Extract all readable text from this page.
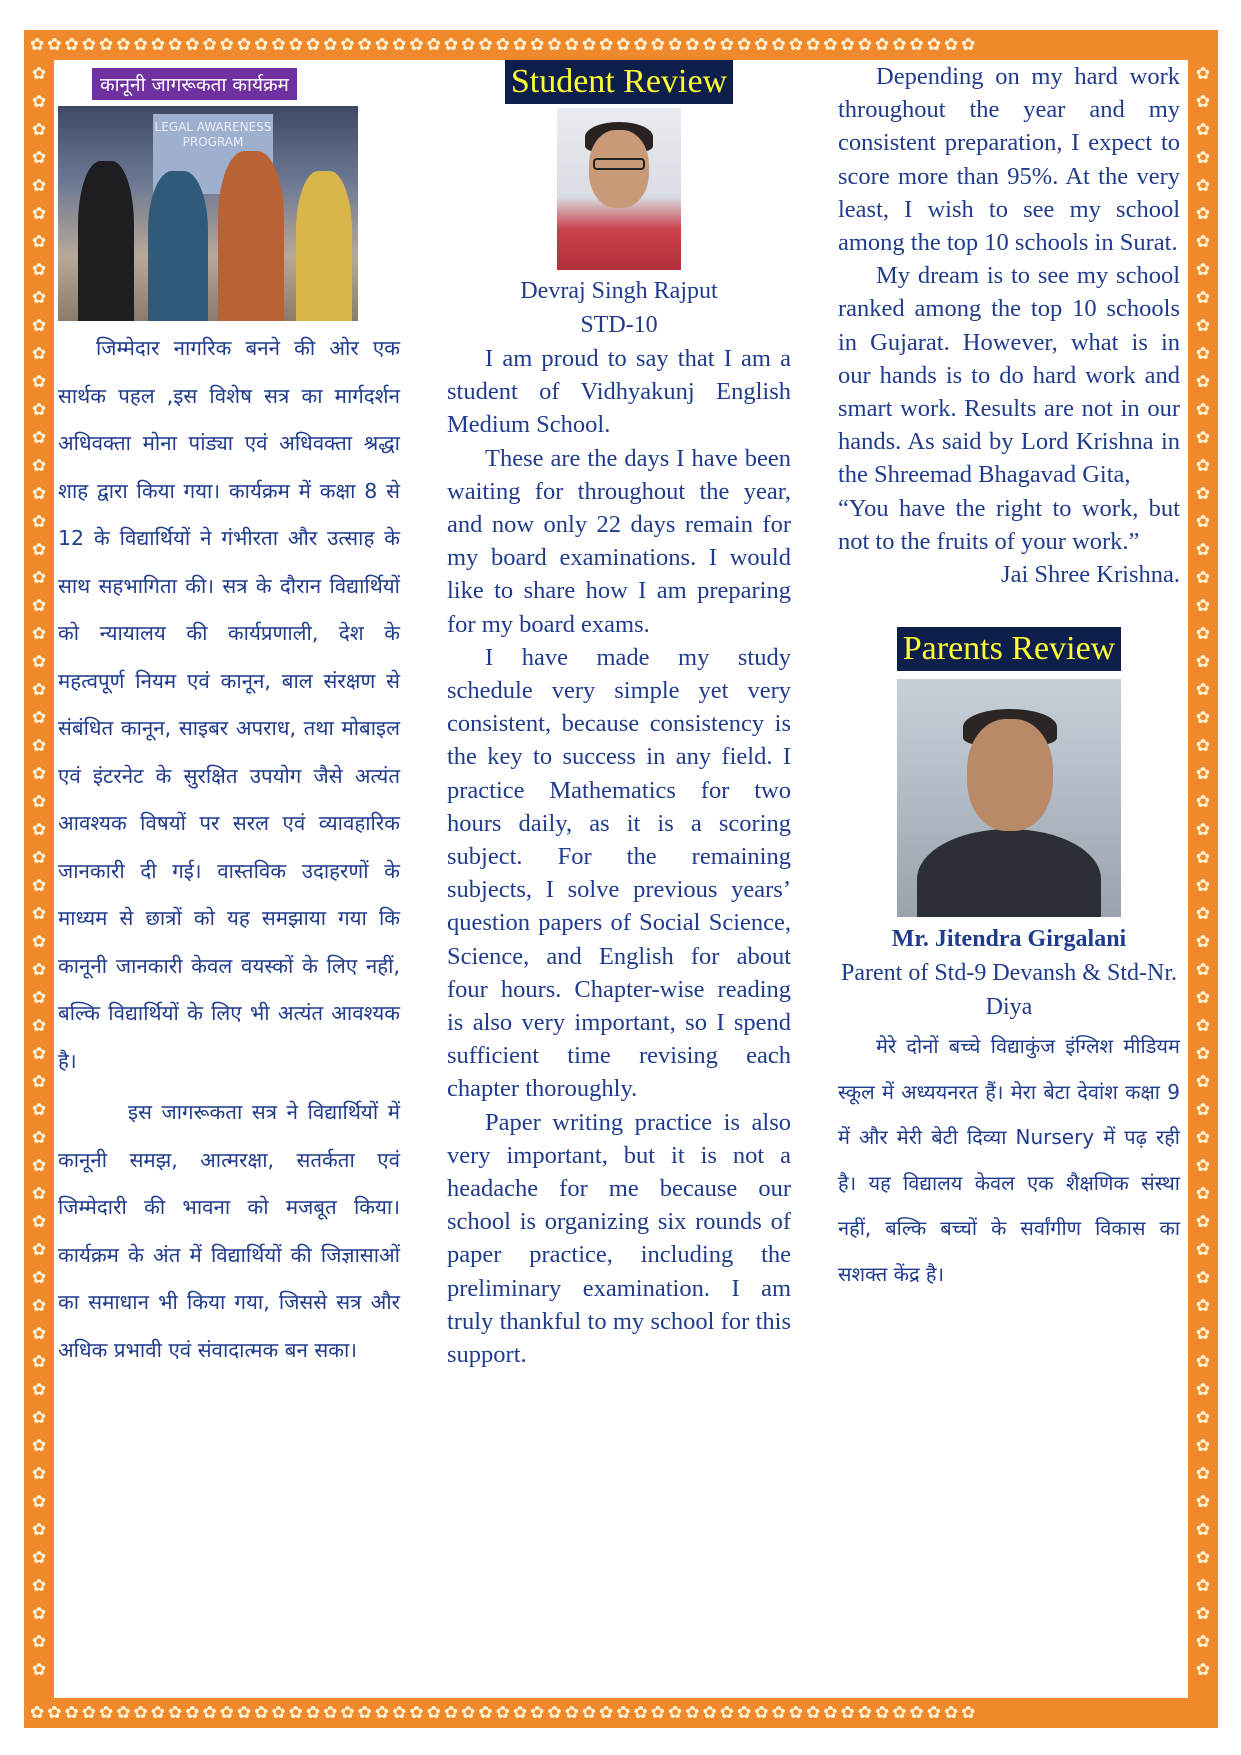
✿✿✿✿✿✿✿✿✿✿✿✿✿✿✿✿✿✿✿✿✿✿✿✿✿✿✿✿✿✿✿✿✿✿✿✿✿✿✿✿✿✿✿✿✿✿✿✿✿✿✿✿✿✿✿
✿✿✿✿✿✿✿✿✿✿✿✿✿✿✿✿✿✿✿✿✿✿✿✿✿✿✿✿✿✿✿✿✿✿✿✿✿✿✿✿✿✿✿✿✿✿✿✿✿✿✿✿✿✿✿
✿ ✿ ✿ ✿ ✿ ✿ ✿ ✿ ✿ ✿ ✿ ✿ ✿ ✿ ✿ ✿ ✿ ✿ ✿ ✿ ✿ ✿ ✿ ✿ ✿ ✿ ✿ ✿ ✿ ✿ ✿ ✿ ✿ ✿ ✿ ✿ ✿ ✿ ✿ ✿ ✿ ✿ ✿ ✿ ✿ ✿ ✿ ✿ ✿ ✿ ✿ ✿ ✿ ✿ ✿ ✿ ✿ ✿
✿ ✿ ✿ ✿ ✿ ✿ ✿ ✿ ✿ ✿ ✿ ✿ ✿ ✿ ✿ ✿ ✿ ✿ ✿ ✿ ✿ ✿ ✿ ✿ ✿ ✿ ✿ ✿ ✿ ✿ ✿ ✿ ✿ ✿ ✿ ✿ ✿ ✿ ✿ ✿ ✿ ✿ ✿ ✿ ✿ ✿ ✿ ✿ ✿ ✿ ✿ ✿ ✿ ✿ ✿ ✿ ✿ ✿
कानूनी जागरूकता कार्यक्रम
LEGAL AWARENESS PROGRAM

जिम्मेदार नागरिक बनने की ओर एक सार्थक पहल ,इस विशेष सत्र का मार्गदर्शन अधिवक्ता मोना पांड्या एवं अधिवक्ता श्रद्धा शाह द्वारा किया गया। कार्यक्रम में कक्षा 8 से 12 के विद्यार्थियों ने गंभीरता और उत्साह के साथ सहभागिता की। सत्र के दौरान विद्यार्थियों को न्यायालय की कार्यप्रणाली, देश के महत्वपूर्ण नियम एवं कानून, बाल संरक्षण से संबंधित कानून, साइबर अपराध, तथा मोबाइल एवं इंटरनेट के सुरक्षित उपयोग जैसे अत्यंत आवश्यक विषयों पर सरल एवं व्यावहारिक जानकारी दी गई। वास्तविक उदाहरणों के माध्यम से छात्रों को यह समझाया गया कि कानूनी जानकारी केवल वयस्कों के लिए नहीं, बल्कि विद्यार्थियों के लिए भी अत्यंत आवश्यक है।

इस जागरूकता सत्र ने विद्यार्थियों में कानूनी समझ, आत्मरक्षा, सतर्कता एवं जिम्मेदारी की भावना को मजबूत किया। कार्यक्रम के अंत में विद्यार्थियों की जिज्ञासाओं का समाधान भी किया गया, जिससे सत्र और अधिक प्रभावी एवं संवादात्मक बन सका।

Student Review

Devraj Singh Rajput

STD-10

I am proud to say that I am a student of Vidhyakunj English Medium School.

These are the days I have been waiting for throughout the year, and now only 22 days remain for my board examinations. I would like to share how I am preparing for my board exams.

I have made my study schedule very simple yet very consistent, because consistency is the key to success in any field. I practice Mathematics for two hours daily, as it is a scoring subject. For the remaining subjects, I solve previous years’ question papers of Social Science, Science, and English for about four hours. Chapter-wise reading is also very important, so I spend sufficient time revising each chapter thoroughly.

Paper writing practice is also very important, but it is not a headache for me because our school is organizing six rounds of paper practice, including the preliminary examination. I am truly thankful to my school for this support.

Depending on my hard work throughout the year and my consistent preparation, I expect to score more than 95%. At the very least, I wish to see my school among the top 10 schools in Surat.

My dream is to see my school ranked among the top 10 schools in Gujarat. However, what is in our hands is to do hard work and smart work. Results are not in our hands. As said by Lord Krishna in the Shreemad Bhagavad Gita,

“You have the right to work, but not to the fruits of your work.”

Jai Shree Krishna.

Parents Review

Mr. Jitendra Girgalani

Parent of Std-9 Devansh & Std-Nr. Diya

मेरे दोनों बच्चे विद्याकुंज इंग्लिश मीडियम स्कूल में अध्ययनरत हैं। मेरा बेटा देवांश कक्षा 9 में और मेरी बेटी दिव्या Nursery में पढ़ रही है। यह विद्यालय केवल एक शैक्षणिक संस्था नहीं, बल्कि बच्चों के सर्वांगीण विकास का सशक्त केंद्र है।
